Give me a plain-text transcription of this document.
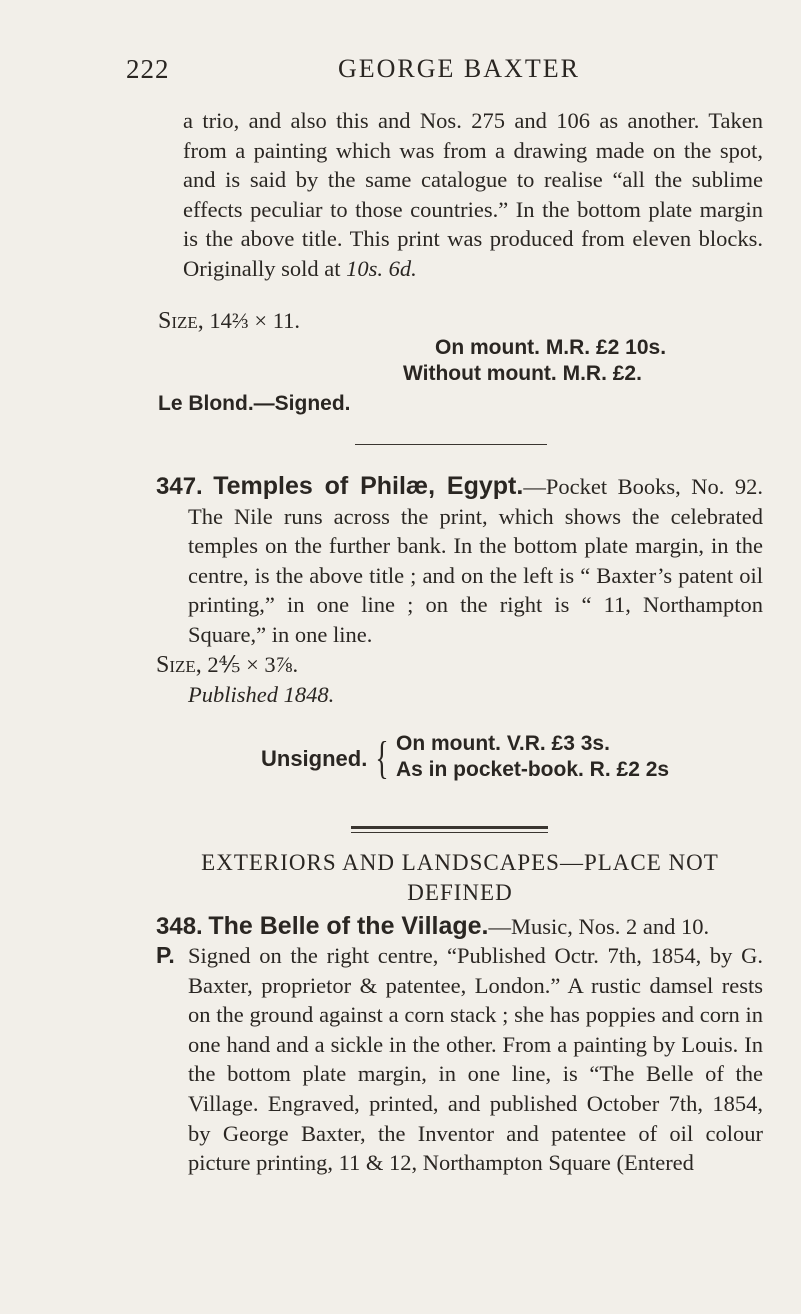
222	GEORGE BAXTER

a trio, and also this and Nos. 275 and 106 as another. Taken from a painting which was from a drawing made on the spot, and is said by the same catalogue to realise “all the sublime effects peculiar to those countries.” In the bottom plate margin is the above title. This print was produced from eleven blocks. Originally sold at 10s. 6d.

Size, 14⅔ × 11.
On mount. M.R. £2 10s.
Without mount. M.R. £2.
Le Blond.—Signed.

347. Temples of Philæ, Egypt.—Pocket Books, No. 92. The Nile runs across the print, which shows the celebrated temples on the further bank. In the bottom plate margin, in the centre, is the above title ; and on the left is “ Baxter’s patent oil printing,” in one line ; on the right is “ 11, Northampton Square,” in one line.

Size, 2⅘ × 3⅞.
Published 1848.
Unsigned. { On mount. V.R. £3 3s.
As in pocket-book. R. £2 2s
EXTERIORS AND LANDSCAPES—PLACE NOT DEFINED

348. The Belle of the Village.—Music, Nos. 2 and 10.

P. Signed on the right centre, “Published Octr. 7th, 1854, by G. Baxter, proprietor & patentee, London.” A rustic damsel rests on the ground against a corn stack ; she has poppies and corn in one hand and a sickle in the other. From a painting by Louis. In the bottom plate margin, in one line, is “The Belle of the Village. Engraved, printed, and published October 7th, 1854, by George Baxter, the Inventor and patentee of oil colour picture printing, 11 & 12, Northampton Square (Entered
